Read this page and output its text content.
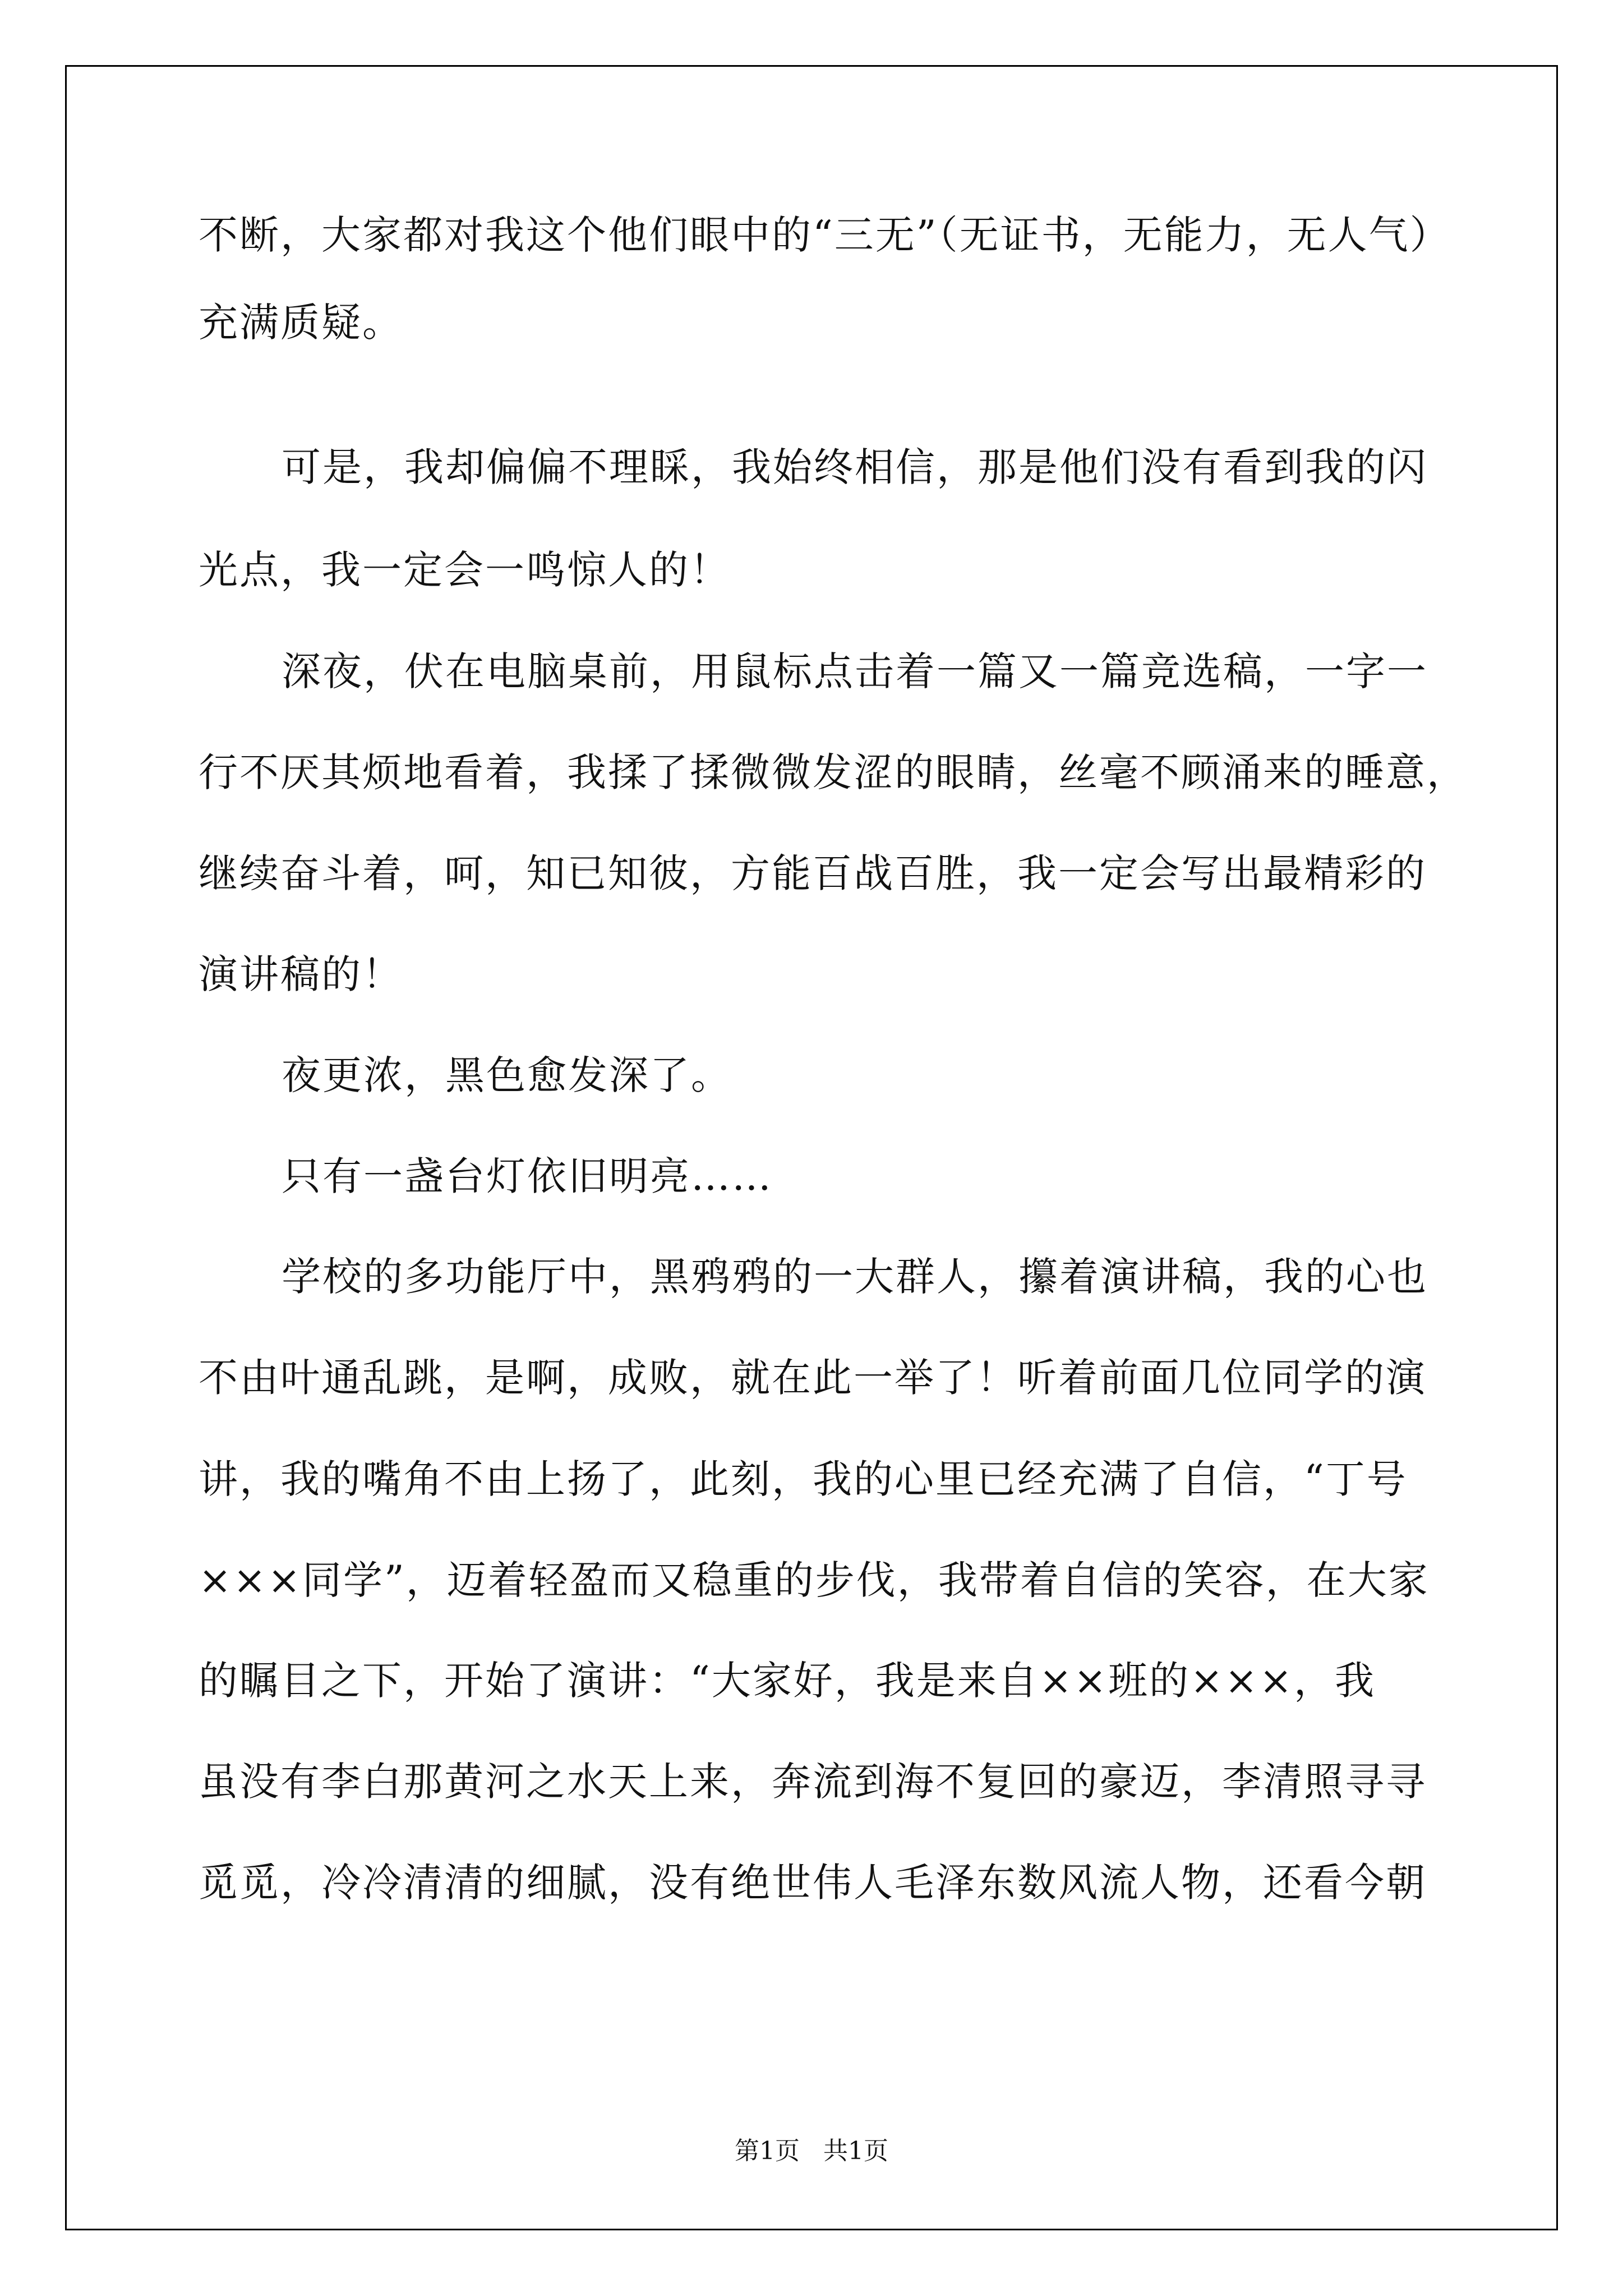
不断，大家都对我这个他们眼中的“三无”（无证书，无能力，无人气）
充满质疑。
可是，我却偏偏不理睬，我始终相信，那是他们没有看到我的闪
光点，我一定会一鸣惊人的！
深夜，伏在电脑桌前，用鼠标点击着一篇又一篇竞选稿，一字一
行不厌其烦地看着，我揉了揉微微发涩的眼睛，丝毫不顾涌来的睡意，
继续奋斗着，呵，知已知彼，方能百战百胜，我一定会写出最精彩的
演讲稿的！
夜更浓，黑色愈发深了。
只有一盏台灯依旧明亮……
学校的多功能厅中，黑鸦鸦的一大群人，攥着演讲稿，我的心也
不由叶通乱跳，是啊，成败，就在此一举了！听着前面几位同学的演
讲，我的嘴角不由上扬了，此刻，我的心里已经充满了自信，“丁号
×××同学”，迈着轻盈而又稳重的步伐，我带着自信的笑容，在大家
的瞩目之下，开始了演讲：“大家好，我是来自××班的×××，我
虽没有李白那黄河之水天上来，奔流到海不复回的豪迈，李清照寻寻
觅觅，冷冷清清的细腻，没有绝世伟人毛泽东数风流人物，还看今朝
第1页   共1页
